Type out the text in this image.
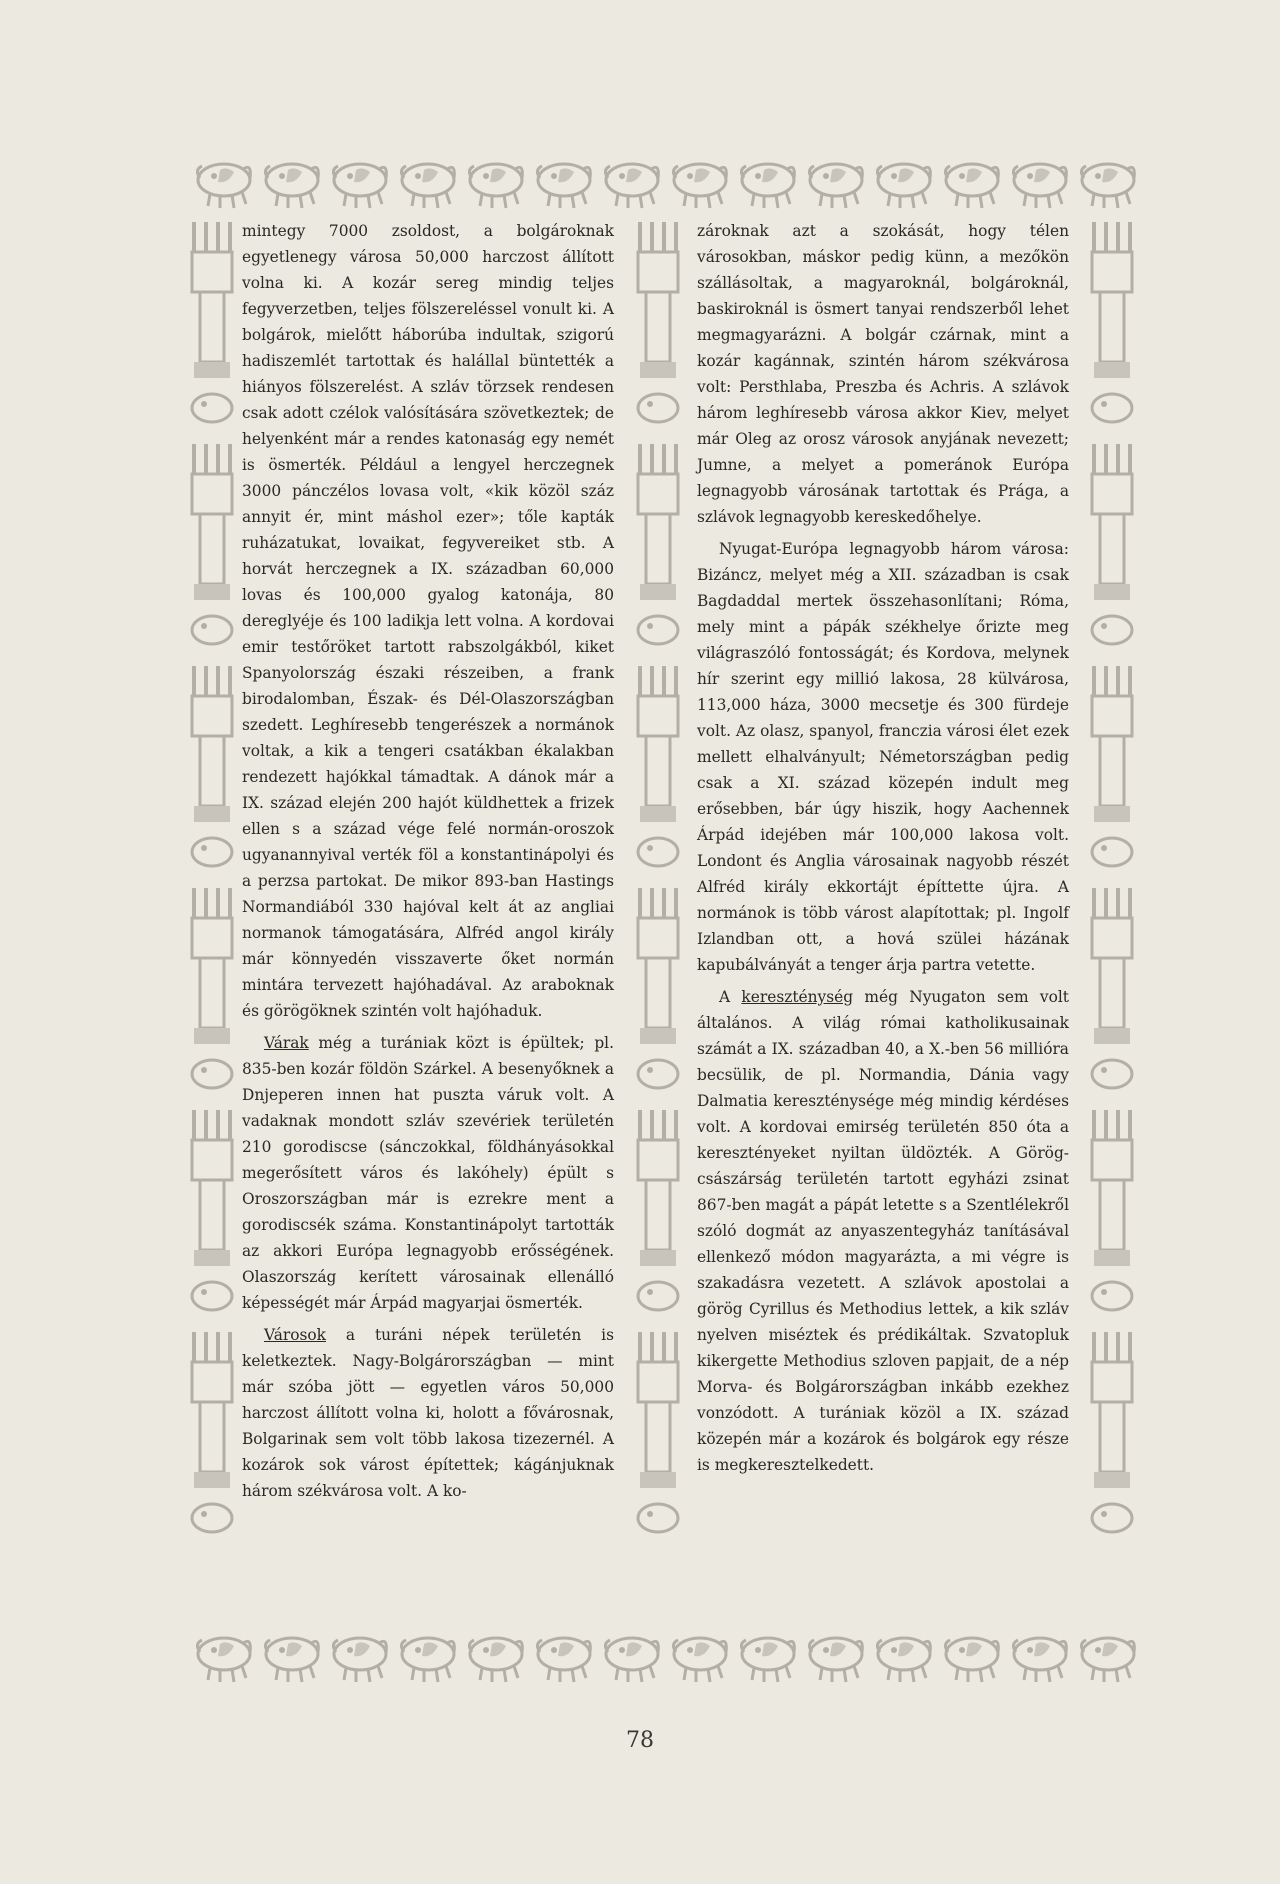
mintegy 7000 zsoldost, a bolgároknak egyetlenegy városa 50,000 harczost állított volna ki. A kozár sereg mindig teljes fegyverzetben, teljes fölszereléssel vonult ki. A bolgárok, mielőtt háborúba indultak, szigorú hadiszemlét tartottak és halállal büntették a hiányos fölszerelést. A szláv törzsek rendesen csak adott czélok valósítására szövetkeztek; de helyenként már a rendes katonaság egy nemét is ösmerték. Például a lengyel herczegnek 3000 pánczélos lovasa volt, «kik közöl száz annyit ér, mint máshol ezer»; tőle kapták ruházatukat, lovaikat, fegyvereiket stb. A horvát herczegnek a IX. században 60,000 lovas és 100,000 gyalog katonája, 80 dereglyéje és 100 ladikja lett volna. A kordovai emir testőröket tartott rabszolgákból, kiket Spanyolország északi részeiben, a frank birodalomban, Észak- és Dél-Olaszországban szedett. Leghíresebb tengerészek a normánok voltak, a kik a tengeri csatákban ékalakban rendezett hajókkal támadtak. A dánok már a IX. század elején 200 hajót küldhettek a frizek ellen s a század vége felé normán-oroszok ugyanannyival verték föl a konstantinápolyi és a perzsa partokat. De mikor 893-ban Hastings Normandiából 330 hajóval kelt át az angliai normanok támogatására, Alfréd angol király már könnyedén visszaverte őket normán mintára tervezett hajóhadával. Az araboknak és görögöknek szintén volt hajóhaduk.

Várak még a turániak közt is épültek; pl. 835-ben kozár földön Szárkel. A besenyőknek a Dnjeperen innen hat puszta váruk volt. A vadaknak mondott szláv szevériek területén 210 gorodiscse (sánczokkal, földhányásokkal megerősített város és lakóhely) épült s Oroszországban már is ezrekre ment a gorodiscsék száma. Konstantinápolyt tartották az akkori Európa legnagyobb erősségének. Olaszország kerített városainak ellenálló képességét már Árpád magyarjai ösmerték.

Városok a turáni népek területén is keletkeztek. Nagy-Bolgárországban — mint már szóba jött — egyetlen város 50,000 harczost állított volna ki, holott a fővárosnak, Bolgarinak sem volt több lakosa tizezernél. A kozárok sok várost építettek; kágánjuknak három székvárosa volt. A ko-

zároknak azt a szokását, hogy télen városokban, máskor pedig künn, a mezőkön szállásoltak, a magyaroknál, bolgároknál, baskiroknál is ösmert tanyai rendszerből lehet megmagyarázni. A bolgár czárnak, mint a kozár kagánnak, szintén három székvárosa volt: Persthlaba, Preszba és Achris. A szlávok három leghíresebb városa akkor Kiev, melyet már Oleg az orosz városok anyjának nevezett; Jumne, a melyet a pomeránok Európa legnagyobb városának tartottak és Prága, a szlávok legnagyobb kereskedőhelye.

Nyugat-Európa legnagyobb három városa: Bizáncz, melyet még a XII. században is csak Bagdaddal mertek összehasonlítani; Róma, mely mint a pápák székhelye őrizte meg világraszóló fontosságát; és Kordova, melynek hír szerint egy millió lakosa, 28 külvárosa, 113,000 háza, 3000 mecsetje és 300 fürdeje volt. Az olasz, spanyol, franczia városi élet ezek mellett elhalványult; Németországban pedig csak a XI. század közepén indult meg erősebben, bár úgy hiszik, hogy Aachennek Árpád idejében már 100,000 lakosa volt. Londont és Anglia városainak nagyobb részét Alfréd király ekkortájt építtette újra. A normánok is több várost alapítottak; pl. Ingolf Izlandban ott, a hová szülei házának kapubálványát a tenger árja partra vetette.

A kereszténység még Nyugaton sem volt általános. A világ római katholikusainak számát a IX. században 40, a X.-ben 56 millióra becsülik, de pl. Normandia, Dánia vagy Dalmatia kereszténysége még mindig kérdéses volt. A kordovai emirség területén 850 óta a keresztényeket nyiltan üldözték. A Görög-császárság területén tartott egyházi zsinat 867-ben magát a pápát letette s a Szentlélekről szóló dogmát az anyaszentegyház tanításával ellenkező módon magyarázta, a mi végre is szakadásra vezetett. A szlávok apostolai a görög Cyrillus és Methodius lettek, a kik szláv nyelven miséztek és prédikáltak. Szvatopluk kikergette Methodius szloven papjait, de a nép Morva- és Bolgárországban inkább ezekhez vonzódott. A turániak közöl a IX. század közepén már a kozárok és bolgárok egy része is megkeresztelkedett.

78
